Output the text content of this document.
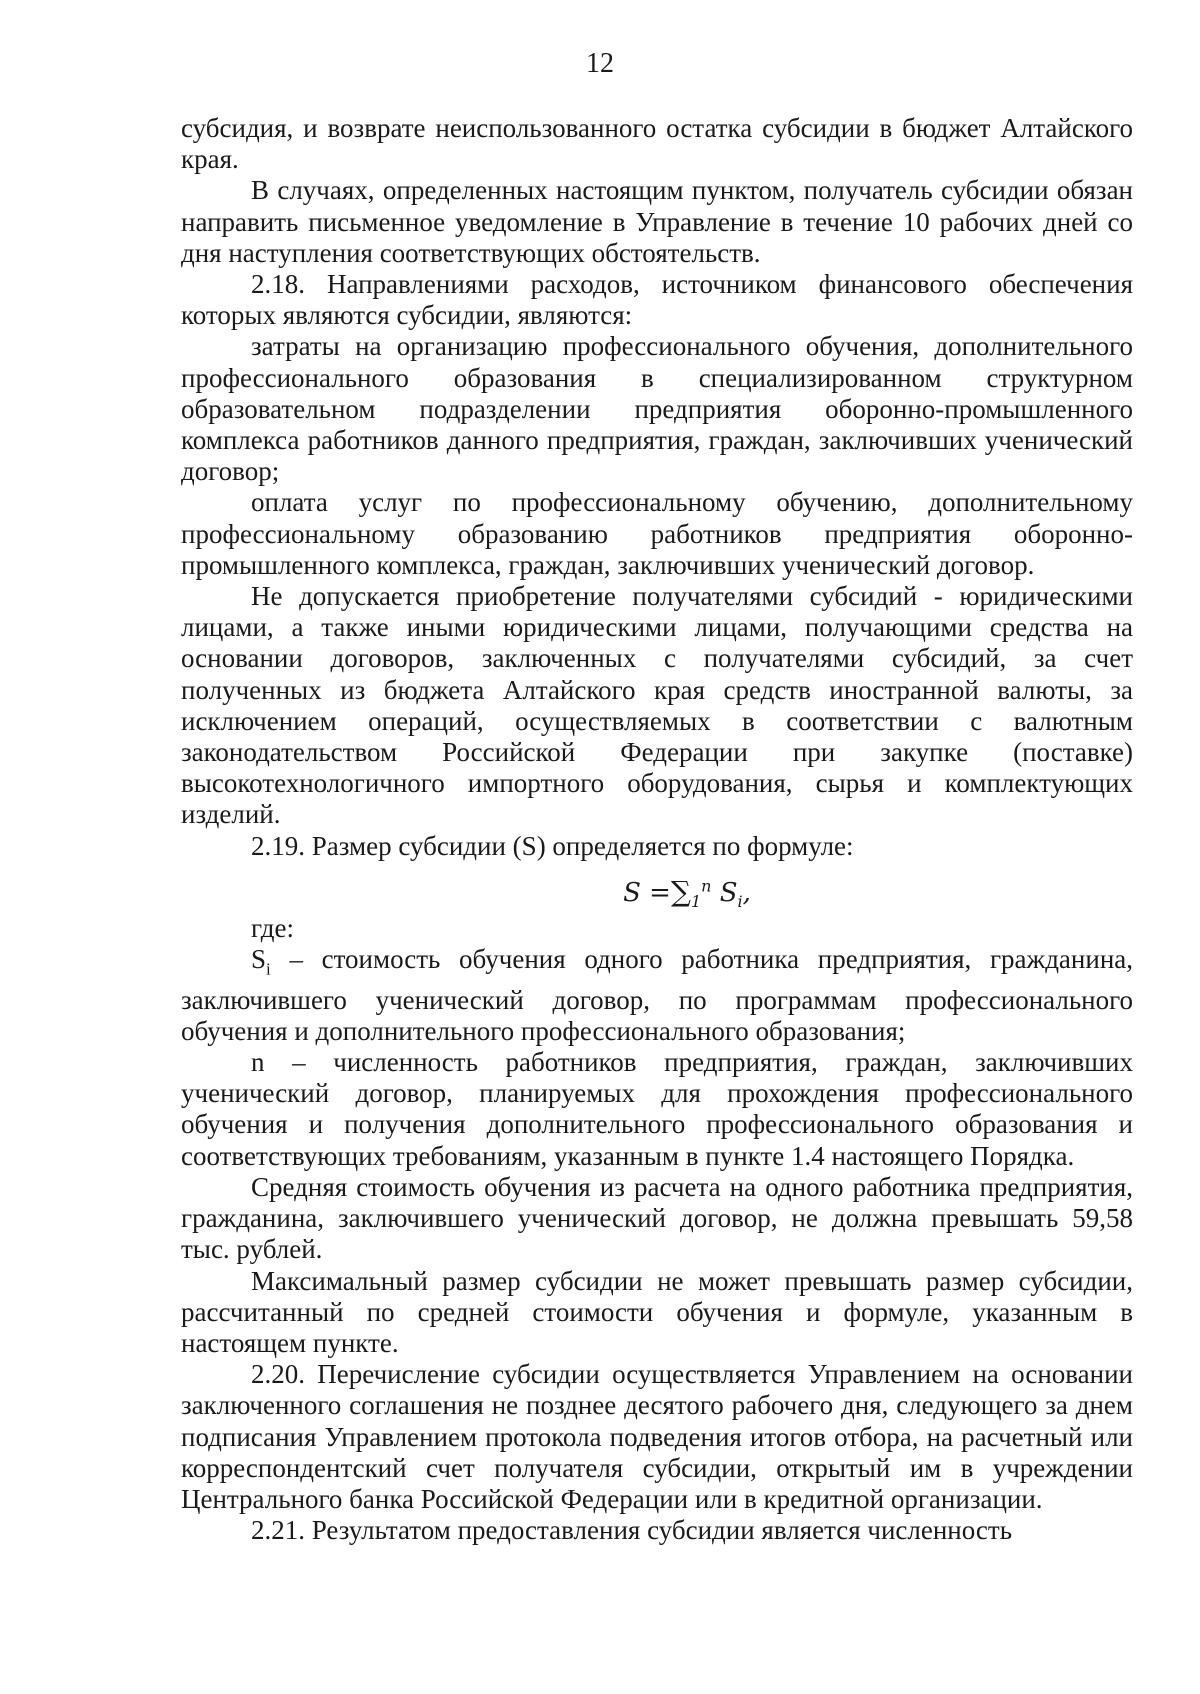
12

субсидия, и возврате неиспользованного остатка субсидии в бюджет Алтайского края.

В случаях, определенных настоящим пунктом, получатель субсидии обязан направить письменное уведомление в Управление в течение 10 рабочих дней со дня наступления соответствующих обстоятельств.

2.18. Направлениями расходов, источником финансового обеспечения которых являются субсидии, являются:

затраты на организацию профессионального обучения, дополнительного профессионального образования в специализированном структурном образовательном подразделении предприятия оборонно-промышленного комплекса работников данного предприятия, граждан, заключивших ученический договор;

оплата услуг по профессиональному обучению, дополнительному профессиональному образованию работников предприятия оборонно-промышленного комплекса, граждан, заключивших ученический договор.

Не допускается приобретение получателями субсидий - юридическими лицами, а также иными юридическими лицами, получающими средства на основании договоров, заключенных с получателями субсидий, за счет полученных из бюджета Алтайского края средств иностранной валюты, за исключением операций, осуществляемых в соответствии с валютным законодательством Российской Федерации при закупке (поставке) высокотехнологичного импортного оборудования, сырья и комплектующих изделий.

2.19. Размер субсидии (S) определяется по формуле:

$S =\sum_1^n$ $S_i$,

где:

$S_i$ – стоимость обучения одного работника предприятия, гражданина, заключившего ученический договор, по программам профессионального обучения и дополнительного профессионального образования;

n – численность работников предприятия, граждан, заключивших ученический договор, планируемых для прохождения профессионального обучения и получения дополнительного профессионального образования и соответствующих требованиям, указанным в пункте 1.4 настоящего Порядка.

Средняя стоимость обучения из расчета на одного работника предприятия, гражданина, заключившего ученический договор, не должна превышать 59,58 тыс. рублей.

Максимальный размер субсидии не может превышать размер субсидии, рассчитанный по средней стоимости обучения и формуле, указанным в настоящем пункте.

2.20. Перечисление субсидии осуществляется Управлением на основании заключенного соглашения не позднее десятого рабочего дня, следующего за днем подписания Управлением протокола подведения итогов отбора, на расчетный или корреспондентский счет получателя субсидии, открытый им в учреждении Центрального банка Российской Федерации или в кредитной организации.

2.21. Результатом предоставления субсидии является численность
